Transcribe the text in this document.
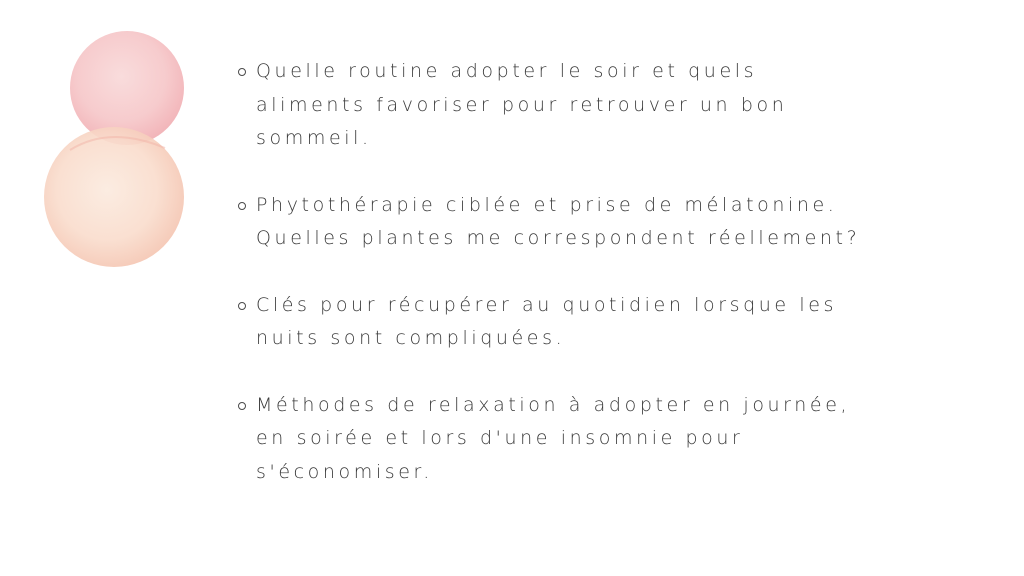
Quelle routine adopter le soir et quels aliments favoriser pour retrouver un bon sommeil.
Phytothérapie ciblée et prise de mélatonine. Quelles plantes me correspondent réellement?
Clés pour récupérer au quotidien lorsque les nuits sont compliquées.
Méthodes de relaxation à adopter en journée, en soirée et lors d'une insomnie pour s'économiser.
